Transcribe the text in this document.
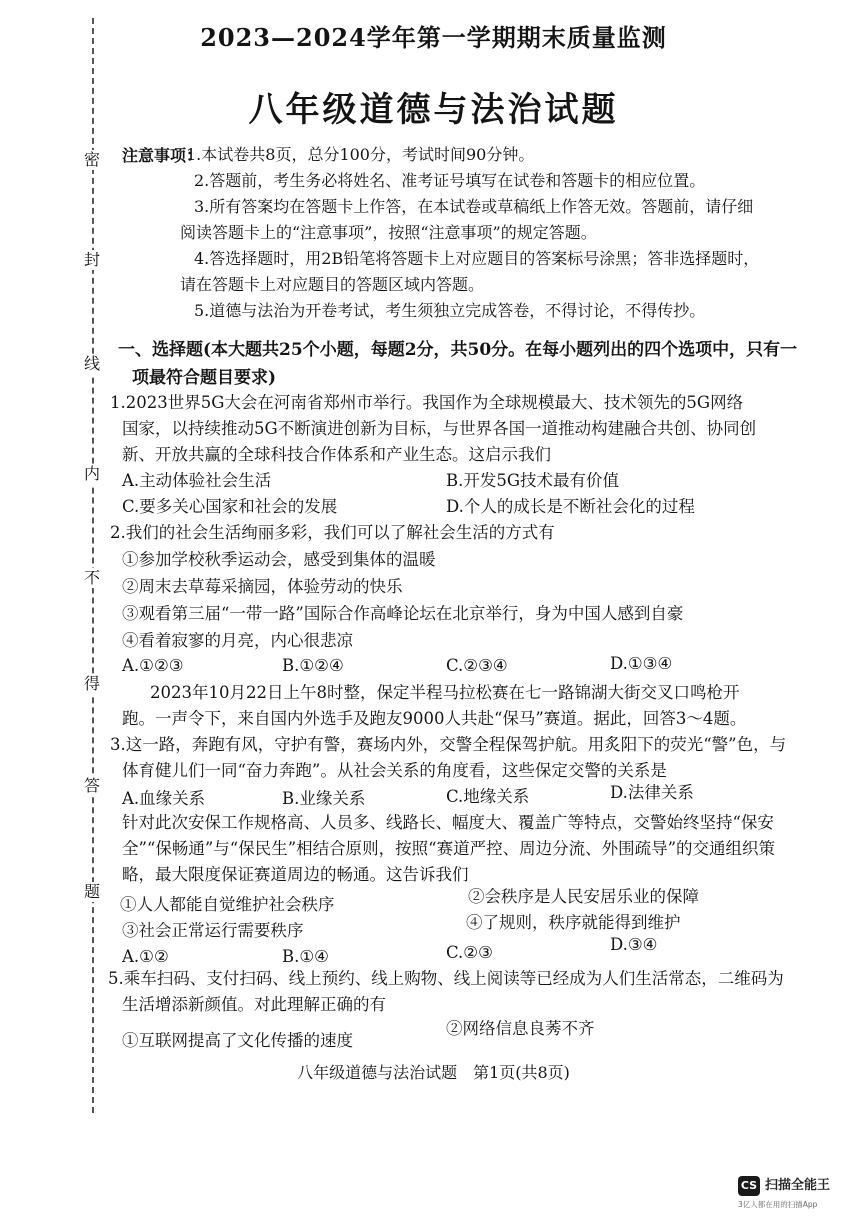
密
封
线
内
不
得
答
题
2023—2024学年第一学期期末质量监测
八年级道德与法治试题
注意事项：
1.本试卷共8页，总分100分，考试时间90分钟。
2.答题前，考生务必将姓名、准考证号填写在试卷和答题卡的相应位置。
3.所有答案均在答题卡上作答，在本试卷或草稿纸上作答无效。答题前，请仔细
阅读答题卡上的“注意事项”，按照“注意事项”的规定答题。
4.答选择题时，用2B铅笔将答题卡上对应题目的答案标号涂黑；答非选择题时，
请在答题卡上对应题目的答题区域内答题。
5.道德与法治为开卷考试，考生须独立完成答卷，不得讨论，不得传抄。
一、选择题(本大题共25个小题，每题2分，共50分。在每小题列出的四个选项中，只有一
项最符合题目要求)
1.2023世界5G大会在河南省郑州市举行。我国作为全球规模最大、技术领先的5G网络
国家，以持续推动5G不断演进创新为目标，与世界各国一道推动构建融合共创、协同创
新、开放共赢的全球科技合作体系和产业生态。这启示我们
A.主动体验社会生活	B.开发5G技术最有价值
C.要多关心国家和社会的发展	D.个人的成长是不断社会化的过程
2.我们的社会生活绚丽多彩，我们可以了解社会生活的方式有
①参加学校秋季运动会，感受到集体的温暖
②周末去草莓采摘园，体验劳动的快乐
③观看第三届“一带一路”国际合作高峰论坛在北京举行，身为中国人感到自豪
④看着寂寥的月亮，内心很悲凉
A.①②③	B.①②④	C.②③④	D.①③④
2023年10月22日上午8时整，保定半程马拉松赛在七一路锦湖大街交叉口鸣枪开
跑。一声令下，来自国内外选手及跑友9000人共赴“保马”赛道。据此，回答3～4题。
3.这一路，奔跑有风，守护有警，赛场内外，交警全程保驾护航。用炙阳下的荧光“警”色，与
体育健儿们一同“奋力奔跑”。从社会关系的角度看，这些保定交警的关系是
A.血缘关系	B.业缘关系	C.地缘关系	D.法律关系
针对此次安保工作规格高、人员多、线路长、幅度大、覆盖广等特点，交警始终坚持“保安
全”“保畅通”与“保民生”相结合原则，按照“赛道严控、周边分流、外围疏导”的交通组织策
略，最大限度保证赛道周边的畅通。这告诉我们
①人人都能自觉维护社会秩序	②会秩序是人民安居乐业的保障
③社会正常运行需要秩序	④了规则，秩序就能得到维护
A.①②	B.①④	C.②③	D.③④
5.乘车扫码、支付扫码、线上预约、线上购物、线上阅读等已经成为人们生活常态，二维码为
生活增添新颜值。对此理解正确的有
①互联网提高了文化传播的速度
②网络信息良莠不齐
八年级道德与法治试题　第1页(共8页)
CS 扫描全能王
3亿人都在用的扫描App
